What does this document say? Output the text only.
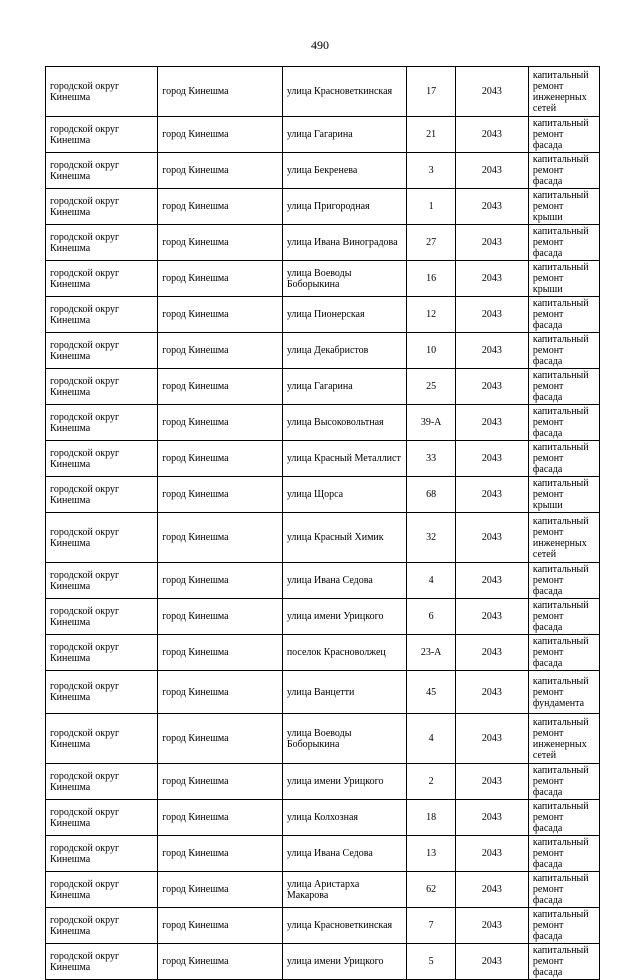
490
городской округ Кинешма	город Кинешма	улица Красноветкинская	17	2043	капитальный ремонт инженерных сетей
городской округ Кинешма	город Кинешма	улица Гагарина	21	2043	капитальный ремонт фасада
городской округ Кинешма	город Кинешма	улица Бекренева	3	2043	капитальный ремонт фасада
городской округ Кинешма	город Кинешма	улица Пригородная	1	2043	капитальный ремонт крыши
городской округ Кинешма	город Кинешма	улица Ивана Виноградова	27	2043	капитальный ремонт фасада
городской округ Кинешма	город Кинешма	улица Воеводы Боборыкина	16	2043	капитальный ремонт крыши
городской округ Кинешма	город Кинешма	улица Пионерская	12	2043	капитальный ремонт фасада
городской округ Кинешма	город Кинешма	улица Декабристов	10	2043	капитальный ремонт фасада
городской округ Кинешма	город Кинешма	улица Гагарина	25	2043	капитальный ремонт фасада
городской округ Кинешма	город Кинешма	улица Высоковольтная	39-А	2043	капитальный ремонт фасада
городской округ Кинешма	город Кинешма	улица Красный Металлист	33	2043	капитальный ремонт фасада
городской округ Кинешма	город Кинешма	улица Щорса	68	2043	капитальный ремонт крыши
городской округ Кинешма	город Кинешма	улица Красный Химик	32	2043	капитальный ремонт инженерных сетей
городской округ Кинешма	город Кинешма	улица Ивана Седова	4	2043	капитальный ремонт фасада
городской округ Кинешма	город Кинешма	улица имени Урицкого	6	2043	капитальный ремонт фасада
городской округ Кинешма	город Кинешма	поселок Красноволжец	23-А	2043	капитальный ремонт фасада
городской округ Кинешма	город Кинешма	улица Ванцетти	45	2043	капитальный ремонт фундамента
городской округ Кинешма	город Кинешма	улица Воеводы Боборыкина	4	2043	капитальный ремонт инженерных сетей
городской округ Кинешма	город Кинешма	улица имени Урицкого	2	2043	капитальный ремонт фасада
городской округ Кинешма	город Кинешма	улица Колхозная	18	2043	капитальный ремонт фасада
городской округ Кинешма	город Кинешма	улица Ивана Седова	13	2043	капитальный ремонт фасада
городской округ Кинешма	город Кинешма	улица Аристарха Макарова	62	2043	капитальный ремонт фасада
городской округ Кинешма	город Кинешма	улица Красноветкинская	7	2043	капитальный ремонт фасада
городской округ Кинешма	город Кинешма	улица имени Урицкого	5	2043	капитальный ремонт фасада
